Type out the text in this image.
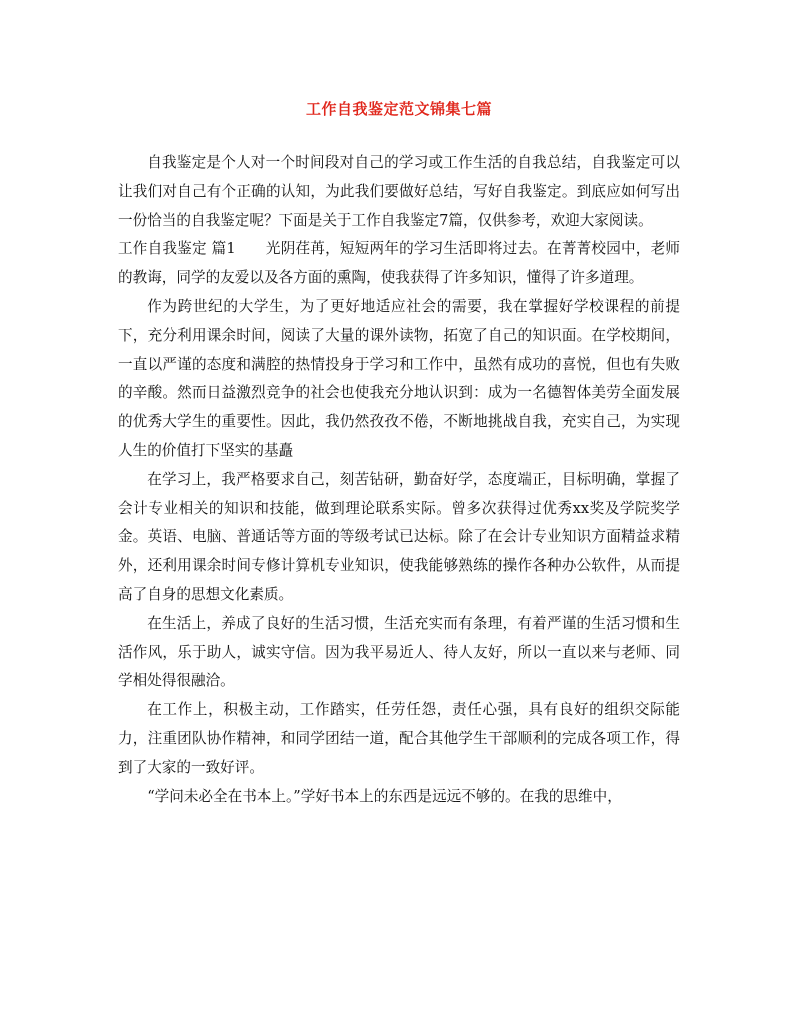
工作自我鉴定范文锦集七篇

自我鉴定是个人对一个时间段对自己的学习或工作生活的自我总结，自我鉴定可以让我们对自己有个正确的认知，为此我们要做好总结，写好自我鉴定。到底应如何写出一份恰当的自我鉴定呢？下面是关于工作自我鉴定7篇，仅供参考，欢迎大家阅读。

工作自我鉴定 篇1 光阴荏苒，短短两年的学习生活即将过去。在菁菁校园中，老师的教诲，同学的友爱以及各方面的熏陶，使我获得了许多知识，懂得了许多道理。

作为跨世纪的大学生，为了更好地适应社会的需要，我在掌握好学校课程的前提下，充分利用课余时间，阅读了大量的课外读物，拓宽了自己的知识面。在学校期间，一直以严谨的态度和满腔的热情投身于学习和工作中，虽然有成功的喜悦，但也有失败的辛酸。然而日益激烈竞争的社会也使我充分地认识到：成为一名德智体美劳全面发展的优秀大学生的重要性。因此，我仍然孜孜不倦，不断地挑战自我，充实自己，为实现人生的价值打下坚实的基矗

在学习上，我严格要求自己，刻苦钻研，勤奋好学，态度端正，目标明确，掌握了会计专业相关的知识和技能，做到理论联系实际。曾多次获得过优秀xx奖及学院奖学金。英语、电脑、普通话等方面的等级考试已达标。除了在会计专业知识方面精益求精外，还利用课余时间专修计算机专业知识，使我能够熟练的操作各种办公软件，从而提高了自身的思想文化素质。

在生活上，养成了良好的生活习惯，生活充实而有条理，有着严谨的生活习惯和生活作风，乐于助人，诚实守信。因为我平易近人、待人友好，所以一直以来与老师、同学相处得很融洽。

在工作上，积极主动，工作踏实，任劳任怨，责任心强，具有良好的组织交际能力，注重团队协作精神，和同学团结一道，配合其他学生干部顺利的完成各项工作，得到了大家的一致好评。

“学问未必全在书本上。”学好书本上的东西是远远不够的。在我的思维中，
